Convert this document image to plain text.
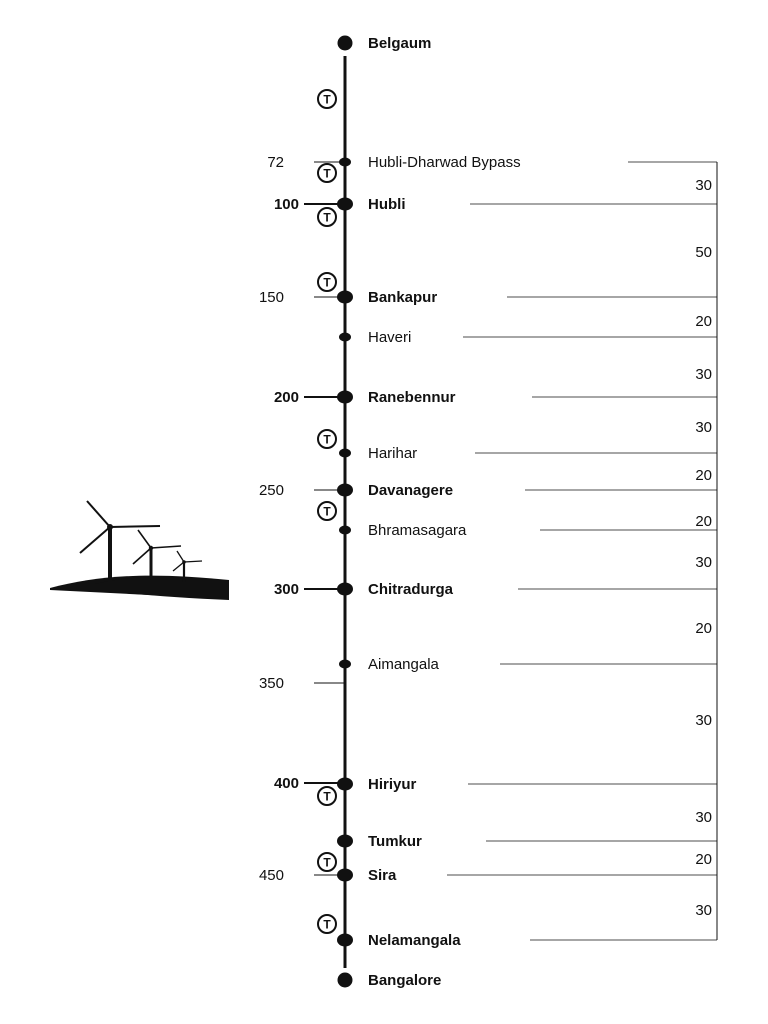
T
T
T
T
T
T
T
T
T
Belgaum
Hubli-Dharwad Bypass
Hubli
Bankapur
Haveri
Ranebennur
Harihar
Davanagere
Bhramasagara
Chitradurga
Aimangala
Hiriyur
Tumkur
Sira
Nelamangala
Bangalore
30
50
20
30
30
20
20
30
20
30
30
20
30
72
100
150
200
250
300
350
400
450
